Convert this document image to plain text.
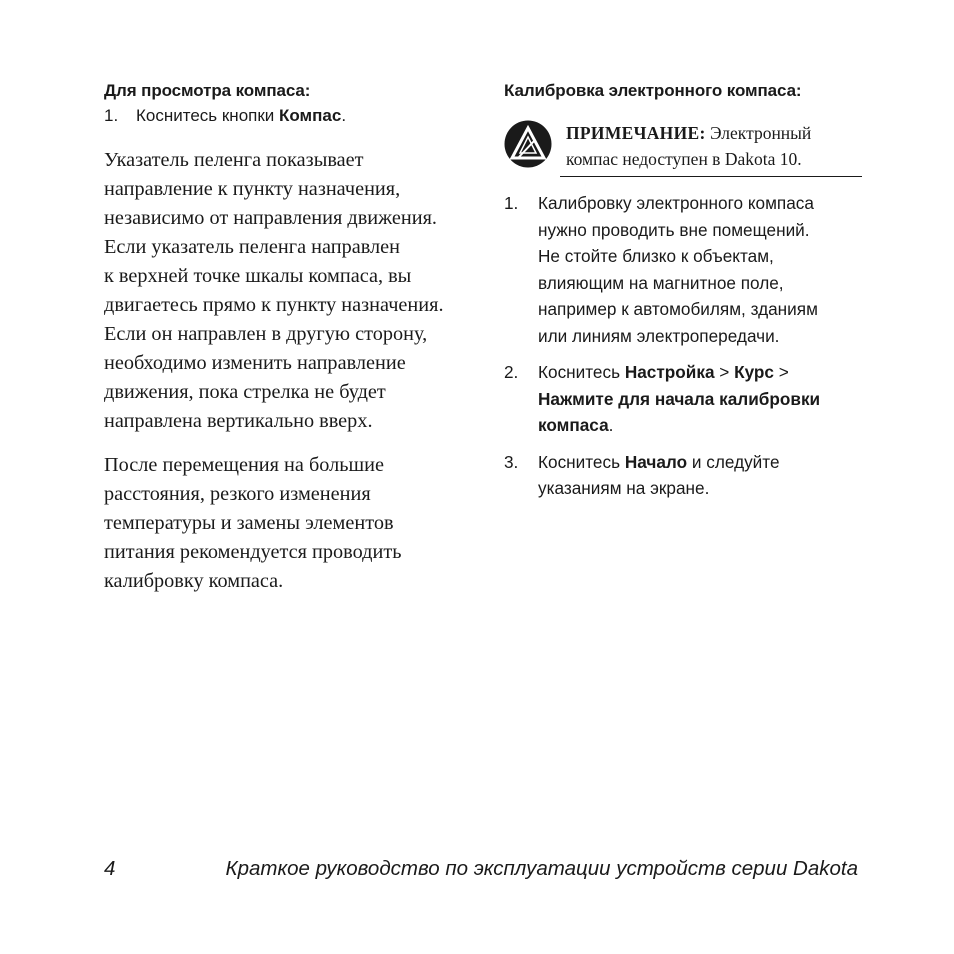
Для просмотра компаса:
1.	Коснитесь кнопки Компас.

Указатель пеленга показывает
направление к пункту назначения,
независимо от направления движения.
Если указатель пеленга направлен
к верхней точке шкалы компаса, вы
двигаетесь прямо к пункту назначения.
Если он направлен в другую сторону,
необходимо изменить направление
движения, пока стрелка не будет
направлена вертикально вверх.

После перемещения на большие
расстояния, резкого изменения
температуры и замены элементов
питания рекомендуется проводить
калибровку компаса.

Калибровка электронного компаса:
ПРИМЕЧАНИЕ: Электронный
компас недоступен в Dakota 10.
1.	Калибровку электронного компаса
нужно проводить вне помещений.
Не стойте близко к объектам,
влияющим на магнитное поле,
например к автомобилям, зданиям
или линиям электропередачи.
2.	Коснитесь Настройка > Курс >
Нажмите для начала калибровки
компаса.
3.	Коснитесь Начало и следуйте
указаниям на экране.
4	Краткое руководство по эксплуатации устройств серии Dakota
